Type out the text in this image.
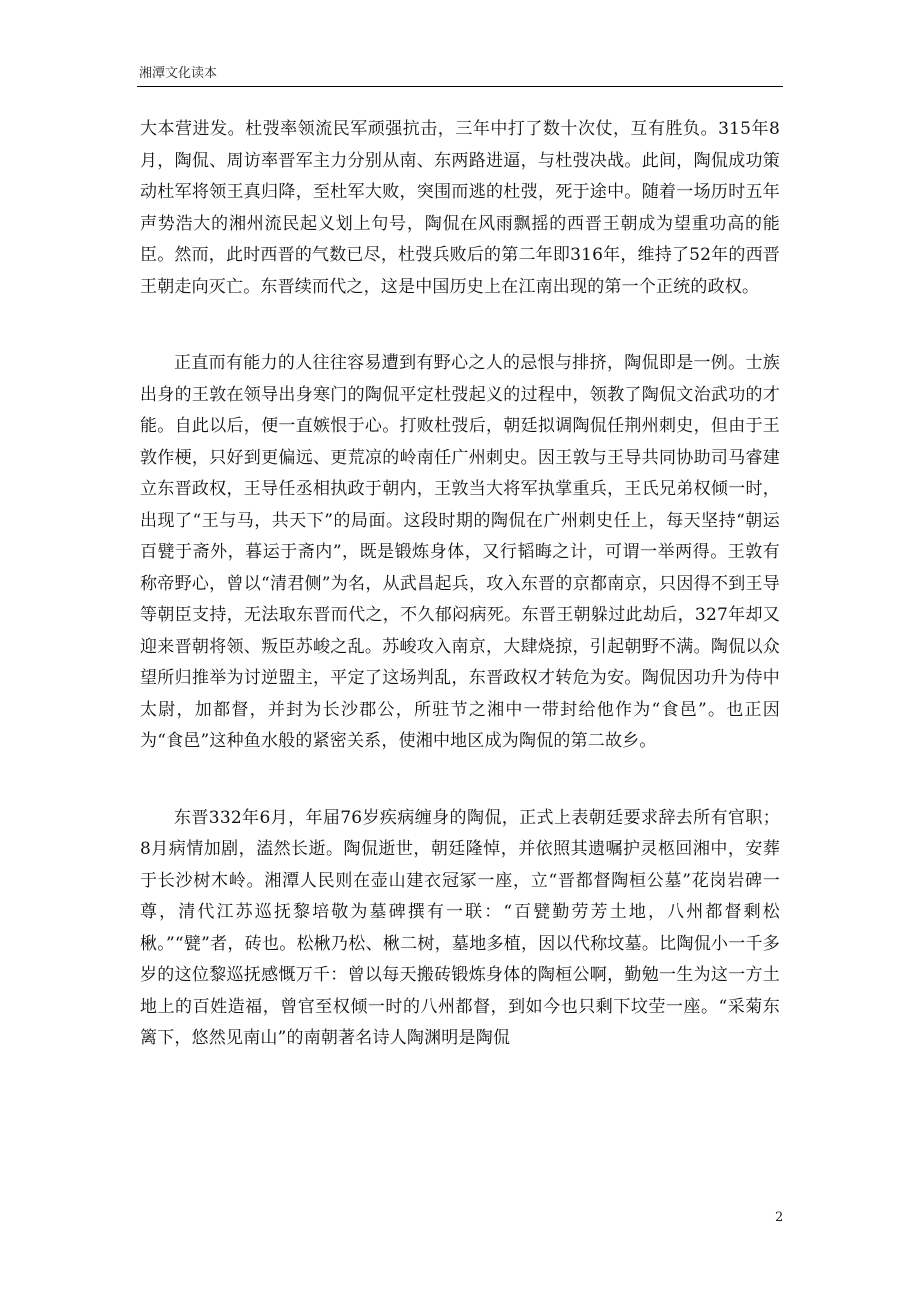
湘潭文化读本

大本营进发。杜弢率领流民军顽强抗击，三年中打了数十次仗，互有胜负。315年8月，陶侃、周访率晋军主力分别从南、东两路进逼，与杜弢决战。此间，陶侃成功策动杜军将领王真归降，至杜军大败，突围而逃的杜弢，死于途中。随着一场历时五年声势浩大的湘州流民起义划上句号，陶侃在风雨飘摇的西晋王朝成为望重功高的能臣。然而，此时西晋的气数已尽，杜弢兵败后的第二年即316年，维持了52年的西晋王朝走向灭亡。东晋续而代之，这是中国历史上在江南出现的第一个正统的政权。

正直而有能力的人往往容易遭到有野心之人的忌恨与排挤，陶侃即是一例。士族出身的王敦在领导出身寒门的陶侃平定杜弢起义的过程中，领教了陶侃文治武功的才能。自此以后，便一直嫉恨于心。打败杜弢后，朝廷拟调陶侃任荆州刺史，但由于王敦作梗，只好到更偏远、更荒凉的岭南任广州刺史。因王敦与王导共同协助司马睿建立东晋政权，王导任丞相执政于朝内，王敦当大将军执掌重兵，王氏兄弟权倾一时，出现了“王与马，共天下”的局面。这段时期的陶侃在广州刺史任上，每天坚持“朝运百甓于斋外，暮运于斋内”，既是锻炼身体，又行韬晦之计，可谓一举两得。王敦有称帝野心，曾以“清君侧”为名，从武昌起兵，攻入东晋的京都南京，只因得不到王导等朝臣支持，无法取东晋而代之，不久郁闷病死。东晋王朝躲过此劫后，327年却又迎来晋朝将领、叛臣苏峻之乱。苏峻攻入南京，大肆烧掠，引起朝野不满。陶侃以众望所归推举为讨逆盟主，平定了这场判乱，东晋政权才转危为安。陶侃因功升为侍中太尉，加都督，并封为长沙郡公，所驻节之湘中一带封给他作为“食邑”。也正因为“食邑”这种鱼水般的紧密关系，使湘中地区成为陶侃的第二故乡。

东晋332年6月，年届76岁疾病缠身的陶侃，正式上表朝廷要求辞去所有官职；8月病情加剧，溘然长逝。陶侃逝世，朝廷隆悼，并依照其遗嘱护灵柩回湘中，安葬于长沙树木岭。湘潭人民则在壶山建衣冠冢一座，立“晋都督陶桓公墓”花岗岩碑一尊，清代江苏巡抚黎培敬为墓碑撰有一联：“百甓勤劳芳土地，八州都督剩松楸。”“甓”者，砖也。松楸乃松、楸二树，墓地多植，因以代称坟墓。比陶侃小一千多岁的这位黎巡抚感慨万千：曾以每天搬砖锻炼身体的陶桓公啊，勤勉一生为这一方土地上的百姓造福，曾官至权倾一时的八州都督，到如今也只剩下坟茔一座。“采菊东篱下，悠然见南山”的南朝著名诗人陶渊明是陶侃

2
